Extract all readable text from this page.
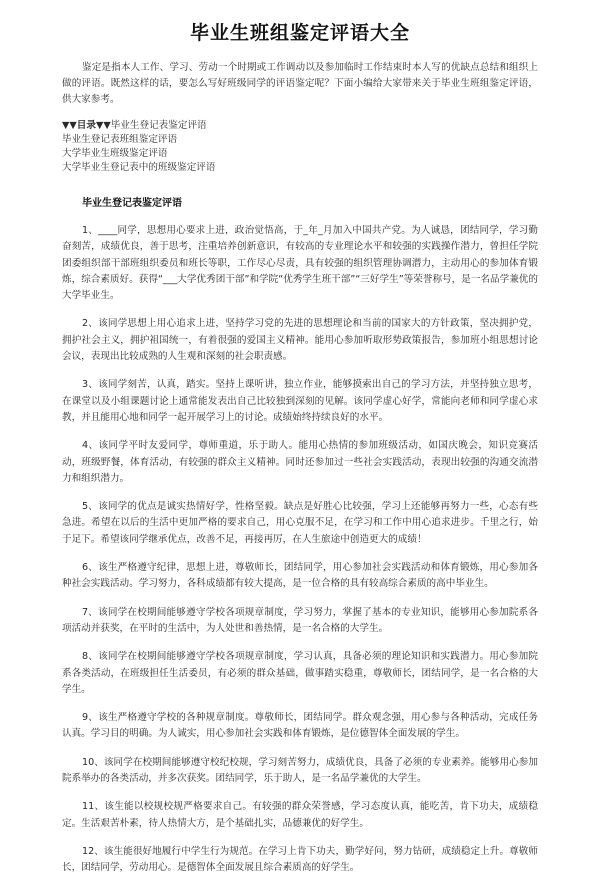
毕业生班组鉴定评语大全

鉴定是指本人工作、学习、劳动一个时期或工作调动以及参加临时工作结束时本人写的优缺点总结和组织上做的评语。既然这样的话，要怎么写好班级同学的评语鉴定呢？下面小编给大家带来关于毕业生班组鉴定评语，供大家参考。

▼▼目录▼▼毕业生登记表鉴定评语
毕业生登记表班组鉴定评语
大学毕业生班级鉴定评语
大学毕业生登记表中的班级鉴定评语
毕业生登记表鉴定评语

1、____同学，思想用心要求上进，政治觉悟高，于_年_月加入中国共产党。为人诚恳，团结同学，学习勤奋刻苦，成绩优良，善于思考，注重培养创新意识，有较高的专业理论水平和较强的实践操作潜力，曾担任学院团委组织部干部班组织委员和班长等职，工作尽心尽责，具有较强的组织管理协调潜力，主动用心的参加体育锻炼，综合素质好。获得“___大学优秀团干部”和学院“优秀学生班干部”“三好学生”等荣誉称号，是一名品学兼优的大学毕业生。

2、该同学思想上用心追求上进，坚持学习党的先进的思想理论和当前的国家大的方针政策，坚决拥护党，拥护社会主义，拥护祖国统一，有着很强的爱国主义精神。能用心参加听取形势政策报告，参加班小组思想讨论会议，表现出比较成熟的人生观和深刻的社会职责感。

3、该同学刻苦，认真，踏实。坚持上课听讲，独立作业，能够摸索出自己的学习方法，并坚持独立思考，在课堂以及小组课题讨论上通常能发表出自己比较独到深刻的见解。该同学虚心好学，常能向老师和同学虚心求教，并且能用心地和同学一起开展学习上的讨论。成绩始终持续良好的水平。

4、该同学平时友爱同学，尊师重道，乐于助人。能用心热情的参加班级活动，如国庆晚会，知识竞赛活动，班级野餐，体育活动，有较强的群众主义精神。同时还参加过一些社会实践活动，表现出较强的沟通交流潜力和组织潜力。

5、该同学的优点是诚实热情好学，性格坚毅。缺点是好胜心比较强，学习上还能够再努力一些，心态有些急进。希望在以后的生活中更加严格的要求自己，用心克服不足，在学习和工作中用心追求进步。千里之行，始于足下。希望该同学继承优点，改善不足，再接再厉，在人生旅途中创造更大的成绩！

6、该生严格遵守纪律，思想上进，尊敬师长，团结同学，用心参加社会实践活动和体育锻炼，用心参加各种社会实践活动。学习努力，各科成绩都有较大提高，是一位合格的具有较高综合素质的高中毕业生。

7、该同学在校期间能够遵守学校各项规章制度，学习努力，掌握了基本的专业知识，能够用心参加院系各项活动并获奖，在平时的生活中，为人处世和善热情，是一名合格的大学生。

8、该同学在校期间能够遵守学校各项规章制度，学习认真，具备必须的理论知识和实践潜力。用心参加院系各类活动，在班级担任生活委员，有必须的群众基础，做事踏实稳重，尊敬师长，团结同学，是一名合格的大学生。

9、该生严格遵守学校的各种规章制度。尊敬师长，团结同学。群众观念强，用心参与各种活动，完成任务认真。学习目的明确。为人诚实，用心参加社会实践和体育锻炼，是位德智体全面发展的学生。

10、该同学在校期间能够遵守校纪校规，学习刻苦努力，成绩优良，具备了必须的专业素养。能够用心参加院系举办的各类活动，并多次获奖。团结同学，乐于助人，是一名品学兼优的大学生。

11、该生能以校规校规严格要求自己。有较强的群众荣誉感，学习态度认真，能吃苦，肯下功夫，成绩稳定。生活艰苦朴素，待人热情大方，是个基础扎实，品德兼优的好学生。

12、该生能很好地履行中学生行为规范。在学习上肯下功夫，勤学好问，努力钻研，成绩稳定上升。尊敬师长，团结同学，劳动用心。是德智体全面发展且综合素质高的好学生。
